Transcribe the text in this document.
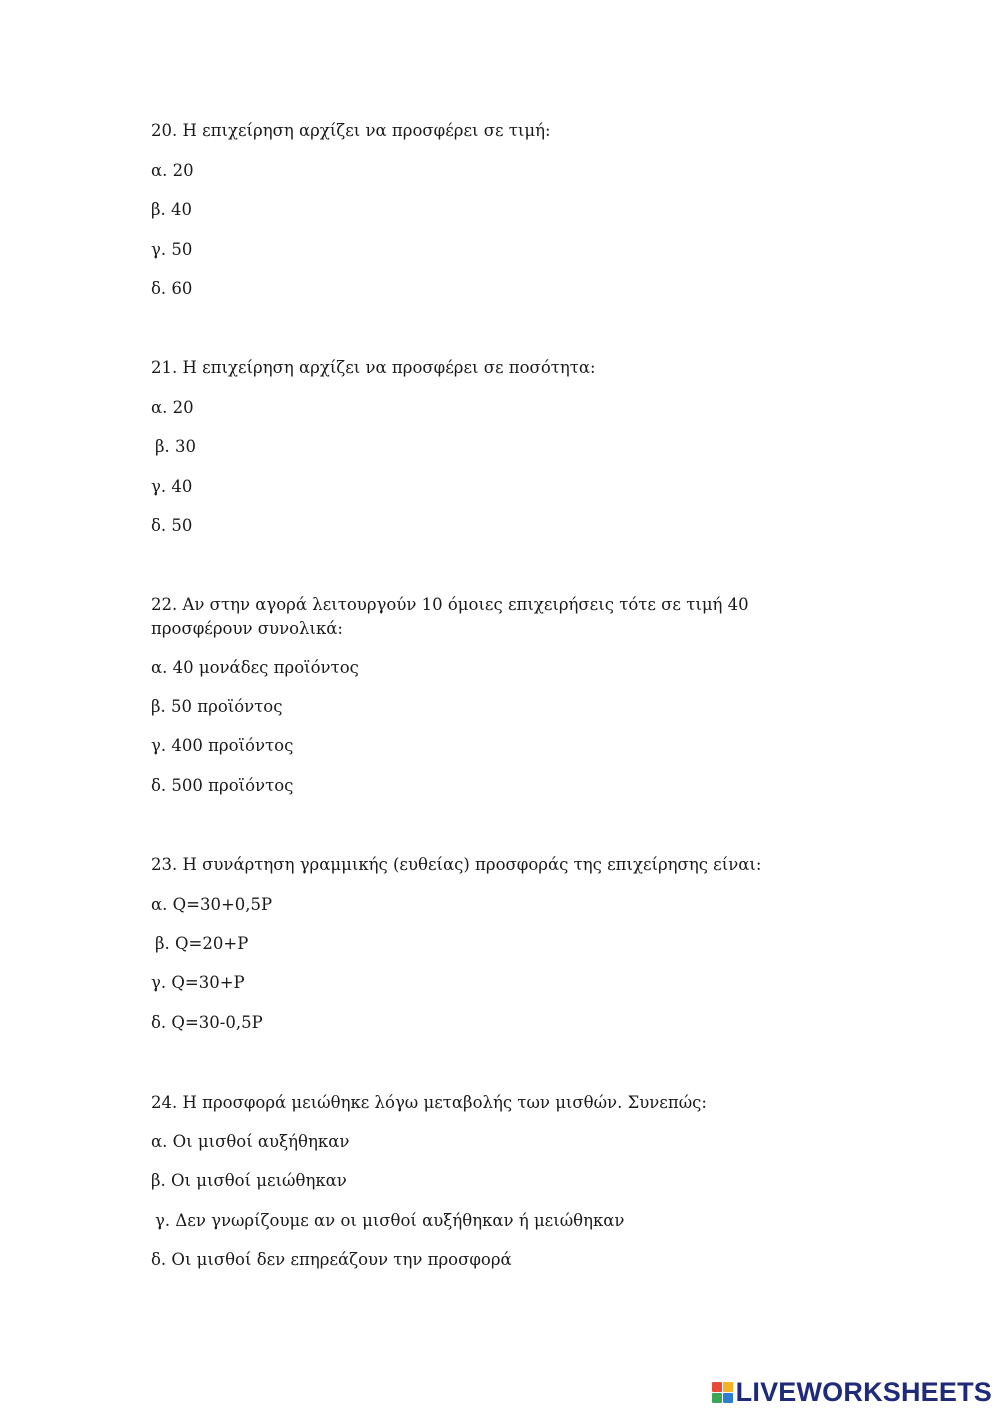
20. Η επιχείρηση αρχίζει να προσφέρει σε τιμή:
α. 20
β. 40
γ. 50
δ. 60
21. Η επιχείρηση αρχίζει να προσφέρει σε ποσότητα:
α. 20
β. 30
γ. 40
δ. 50
22. Αν στην αγορά λειτουργούν 10 όμοιες επιχειρήσεις τότε σε τιμή 40 προσφέρουν συνολικά:
α. 40 μονάδες προϊόντος
β. 50 προϊόντος
γ. 400 προϊόντος
δ. 500 προϊόντος
23. Η συνάρτηση γραμμικής (ευθείας) προσφοράς της επιχείρησης είναι:
α. Q=30+0,5P
β. Q=20+P
γ. Q=30+P
δ. Q=30-0,5P
24. Η προσφορά μειώθηκε λόγω μεταβολής των μισθών. Συνεπώς:
α. Οι μισθοί αυξήθηκαν
β. Οι μισθοί μειώθηκαν
γ. Δεν γνωρίζουμε αν οι μισθοί αυξήθηκαν ή μειώθηκαν
δ. Οι μισθοί δεν επηρεάζουν την προσφορά
LIVEWORKSHEETS
